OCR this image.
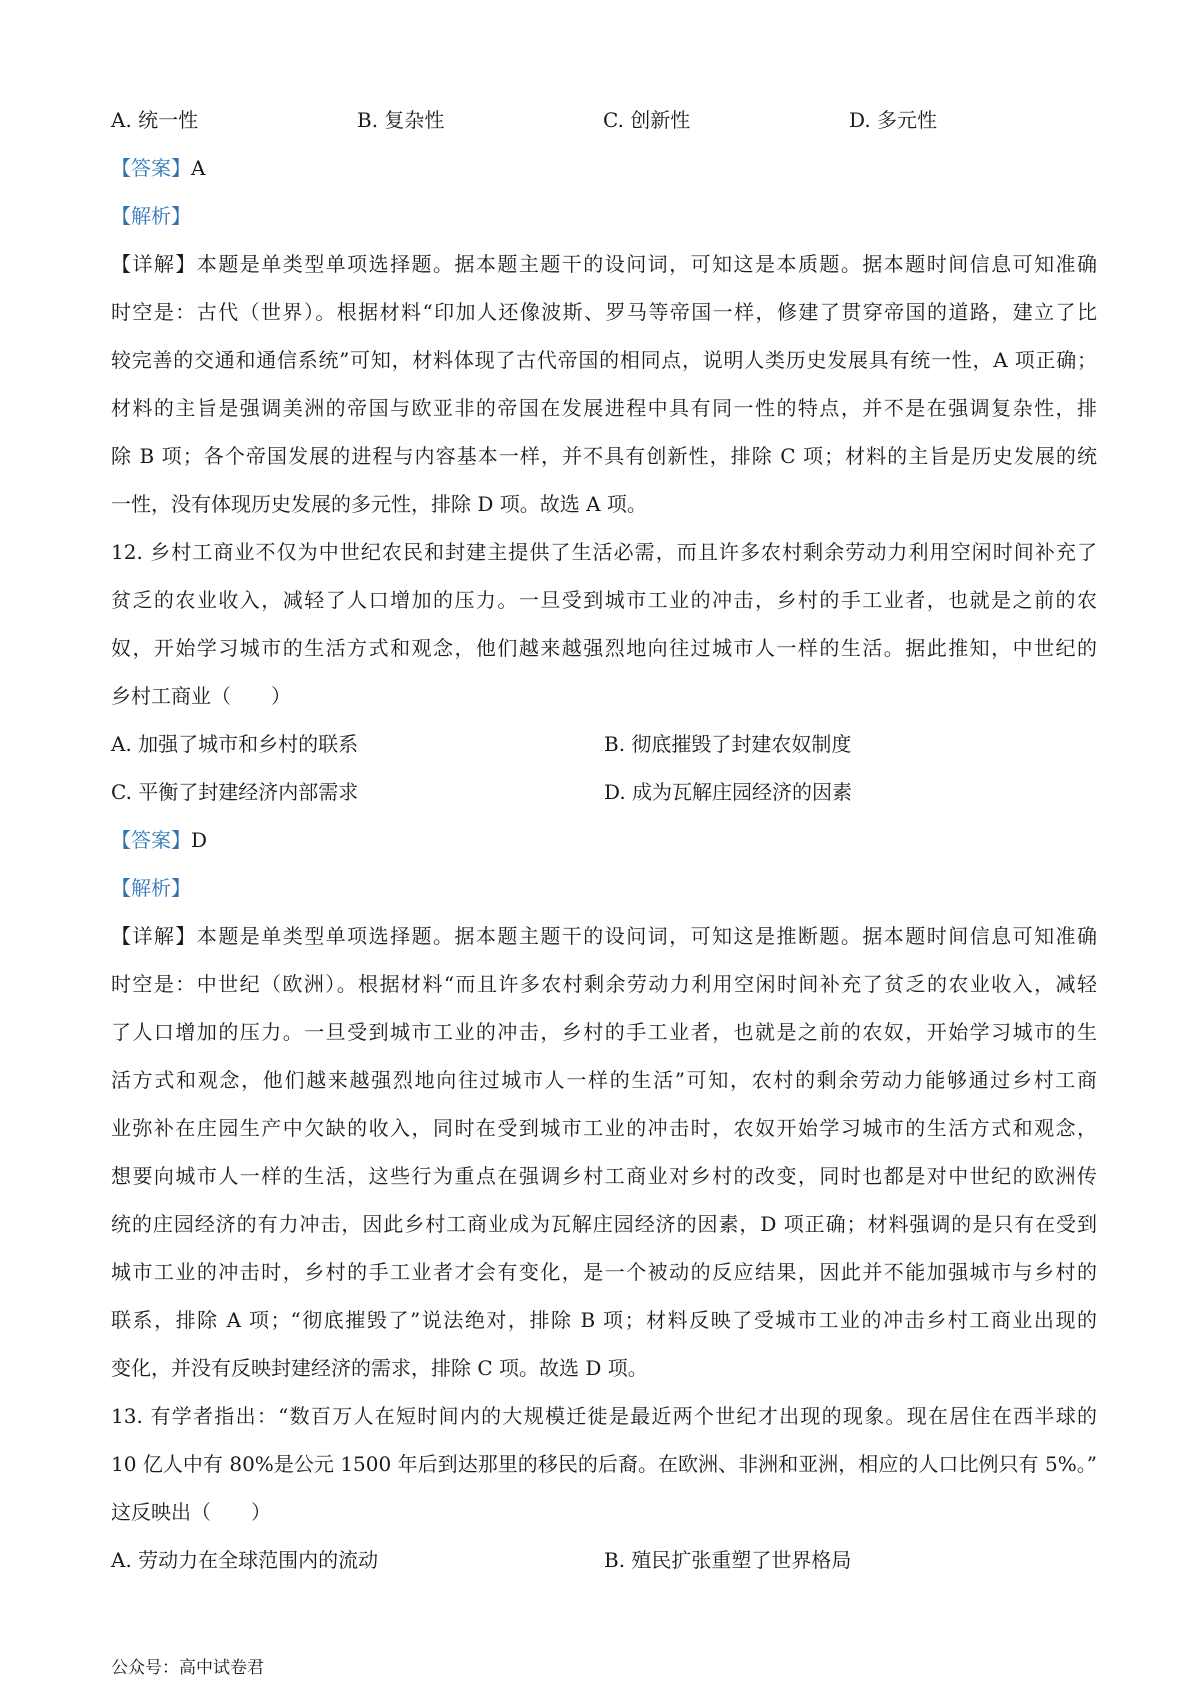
A. 统一性	B. 复杂性	C. 创新性	D. 多元性
【答案】A
【解析】
【详解】本题是单类型单项选择题。据本题主题干的设问词，可知这是本质题。据本题时间信息可知准确
时空是：古代（世界）。根据材料“印加人还像波斯、罗马等帝国一样，修建了贯穿帝国的道路，建立了比
较完善的交通和通信系统”可知，材料体现了古代帝国的相同点，说明人类历史发展具有统一性，A 项正确；
材料的主旨是强调美洲的帝国与欧亚非的帝国在发展进程中具有同一性的特点，并不是在强调复杂性，排
除 B 项；各个帝国发展的进程与内容基本一样，并不具有创新性，排除 C 项；材料的主旨是历史发展的统
一性，没有体现历史发展的多元性，排除 D 项。故选 A 项。
12. 乡村工商业不仅为中世纪农民和封建主提供了生活必需，而且许多农村剩余劳动力利用空闲时间补充了
贫乏的农业收入，减轻了人口增加的压力。一旦受到城市工业的冲击，乡村的手工业者，也就是之前的农
奴，开始学习城市的生活方式和观念，他们越来越强烈地向往过城市人一样的生活。据此推知，中世纪的
乡村工商业（　　）
A. 加强了城市和乡村的联系	B. 彻底摧毁了封建农奴制度
C. 平衡了封建经济内部需求	D. 成为瓦解庄园经济的因素
【答案】D
【解析】
【详解】本题是单类型单项选择题。据本题主题干的设问词，可知这是推断题。据本题时间信息可知准确
时空是：中世纪（欧洲）。根据材料“而且许多农村剩余劳动力利用空闲时间补充了贫乏的农业收入，减轻
了人口增加的压力。一旦受到城市工业的冲击，乡村的手工业者，也就是之前的农奴，开始学习城市的生
活方式和观念，他们越来越强烈地向往过城市人一样的生活”可知，农村的剩余劳动力能够通过乡村工商
业弥补在庄园生产中欠缺的收入，同时在受到城市工业的冲击时，农奴开始学习城市的生活方式和观念，
想要向城市人一样的生活，这些行为重点在强调乡村工商业对乡村的改变，同时也都是对中世纪的欧洲传
统的庄园经济的有力冲击，因此乡村工商业成为瓦解庄园经济的因素，D 项正确；材料强调的是只有在受到
城市工业的冲击时，乡村的手工业者才会有变化，是一个被动的反应结果，因此并不能加强城市与乡村的
联系，排除 A 项；“彻底摧毁了”说法绝对，排除 B 项；材料反映了受城市工业的冲击乡村工商业出现的
变化，并没有反映封建经济的需求，排除 C 项。故选 D 项。
13. 有学者指出：“数百万人在短时间内的大规模迁徙是最近两个世纪才出现的现象。现在居住在西半球的
10 亿人中有 80%是公元 1500 年后到达那里的移民的后裔。在欧洲、非洲和亚洲，相应的人口比例只有 5%。”
这反映出（　　）
A. 劳动力在全球范围内的流动	B. 殖民扩张重塑了世界格局
公众号：高中试卷君
